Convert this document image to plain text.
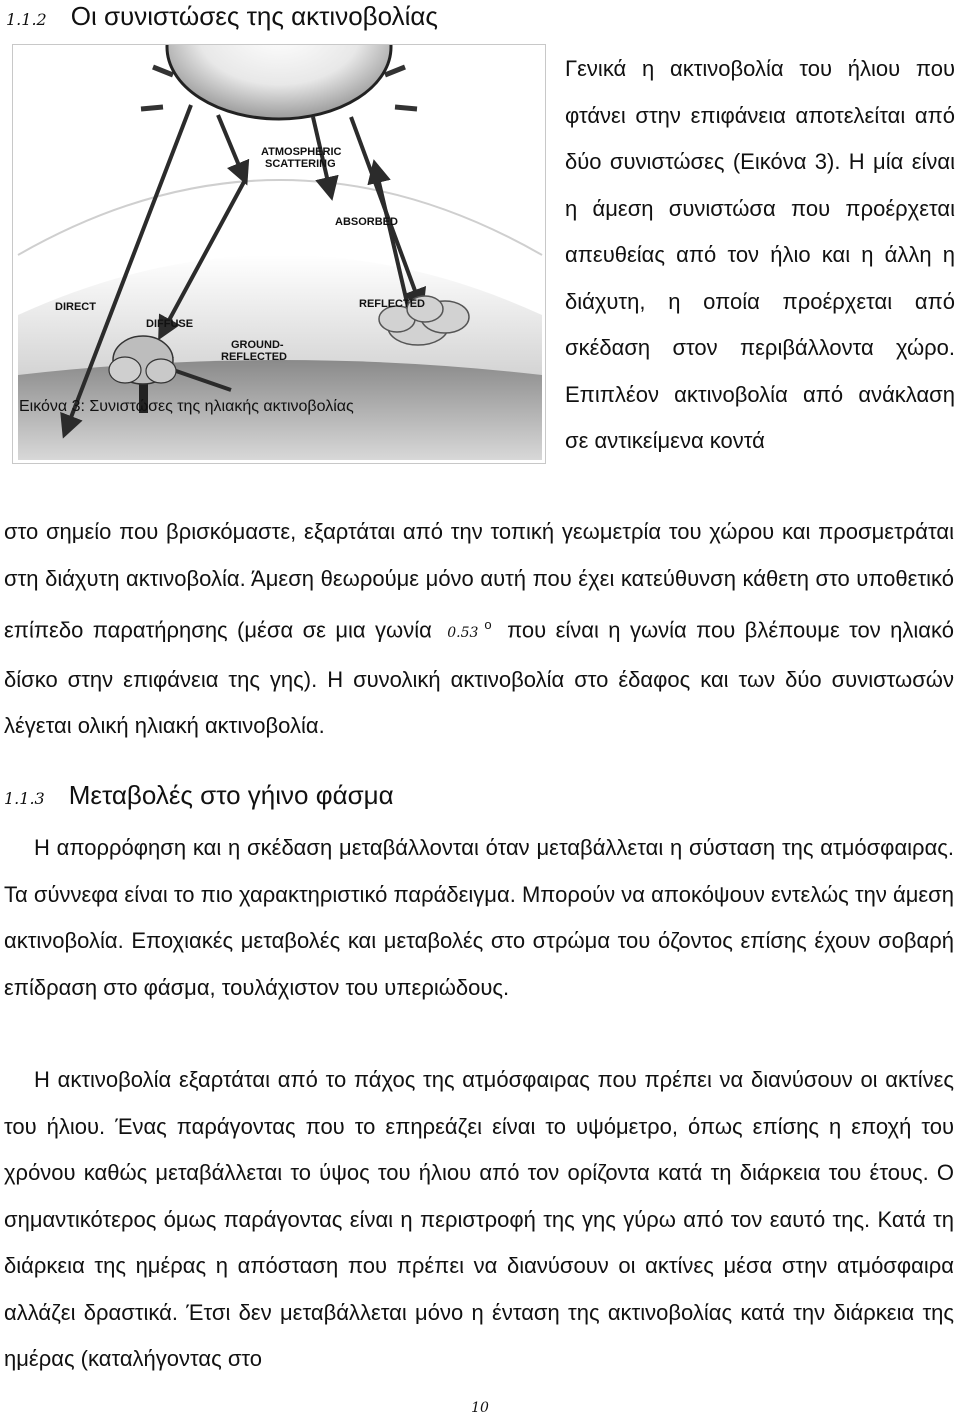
1.1.2 Οι συνιστώσες της ακτινοβολίας
ATMOSPHERIC
SCATTERING
ABSORBED
DIRECT
DIFFUSE
REFLECTED
GROUND-
REFLECTED
Εικόνα 3: Συνιστώσες της ηλιακής ακτινοβολίας
Γενικά η ακτινοβολία του ήλιου που φτάνει στην επιφάνεια αποτελείται από δύο συνιστώσες (Εικόνα 3). Η μία είναι η άμεση συνιστώσα που προέρχεται απευθείας από τον ήλιο και η άλλη η διάχυτη, η οποία προέρχεται από σκέδαση στον περιβάλλοντα χώρο. Επιπλέον ακτινοβολία από ανάκλαση σε αντικείμενα κοντά
στο σημείο που βρισκόμαστε, εξαρτάται από την τοπική γεωμετρία του χώρου και προσμετράται στη διάχυτη ακτινοβολία. Άμεση θεωρούμε μόνο αυτή που έχει κατεύθυνση κάθετη στο υποθετικό επίπεδο παρατήρησης (μέσα σε μια γωνία 0.53$^o$ που είναι η γωνία που βλέπουμε τον ηλιακό δίσκο στην επιφάνεια της γης). Η συνολική ακτινοβολία στο έδαφος και των δύο συνιστωσών λέγεται ολική ηλιακή ακτινοβολία.
1.1.3 Μεταβολές στο γήινο φάσμα
Η απορρόφηση και η σκέδαση μεταβάλλονται όταν μεταβάλλεται η σύσταση της ατμόσφαιρας. Τα σύννεφα είναι το πιο χαρακτηριστικό παράδειγμα. Μπορούν να αποκόψουν εντελώς την άμεση ακτινοβολία. Εποχιακές μεταβολές και μεταβολές στο στρώμα του όζοντος επίσης έχουν σοβαρή επίδραση στο φάσμα, τουλάχιστον του υπεριώδους.
Η ακτινοβολία εξαρτάται από το πάχος της ατμόσφαιρας που πρέπει να διανύσουν οι ακτίνες του ήλιου. Ένας παράγοντας που το επηρεάζει είναι το υψόμετρο, όπως επίσης η εποχή του χρόνου καθώς μεταβάλλεται το ύψος του ήλιου από τον ορίζοντα κατά τη διάρκεια του έτους. Ο σημαντικότερος όμως παράγοντας είναι η περιστροφή της γης γύρω από τον εαυτό της. Κατά τη διάρκεια της ημέρας η απόσταση που πρέπει να διανύσουν οι ακτίνες μέσα στην ατμόσφαιρα αλλάζει δραστικά. Έτσι δεν μεταβάλλεται μόνο η ένταση της ακτινοβολίας κατά την διάρκεια της ημέρας (καταλήγοντας στο
10
